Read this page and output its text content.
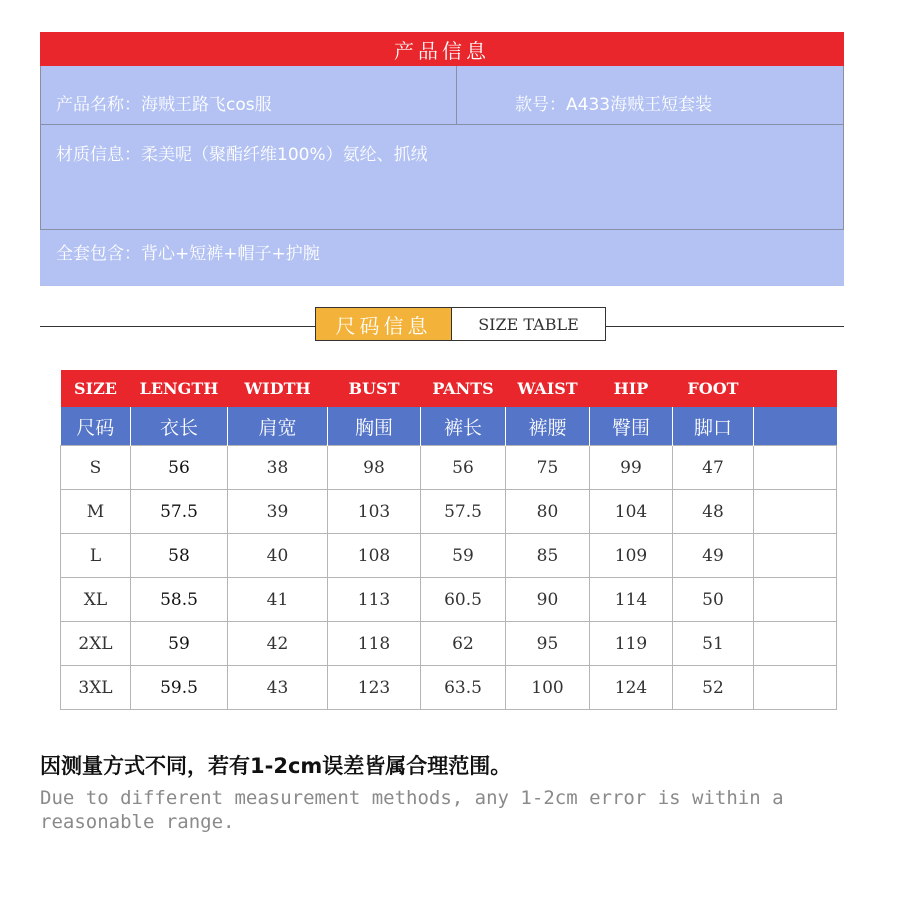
产品信息
产品名称：海贼王路飞cos服	款号：A433海贼王短套装
材质信息：柔美呢（聚酯纤维100%）氨纶、抓绒
全套包含：背心+短裤+帽子+护腕
尺码信息	SIZE TABLE
SIZE	LENGTH	WIDTH	BUST	PANTS	WAIST	HIP	FOOT	
尺码	衣长	肩宽	胸围	裤长	裤腰	臀围	脚口	
S	56	38	98	56	75	99	47	
M	57.5	39	103	57.5	80	104	48	
L	58	40	108	59	85	109	49	
XL	58.5	41	113	60.5	90	114	50	
2XL	59	42	118	62	95	119	51	
3XL	59.5	43	123	63.5	100	124	52	
因测量方式不同，若有1-2cm误差皆属合理范围。
Due to different measurement methods, any 1-2cm error is within a reasonable range.
